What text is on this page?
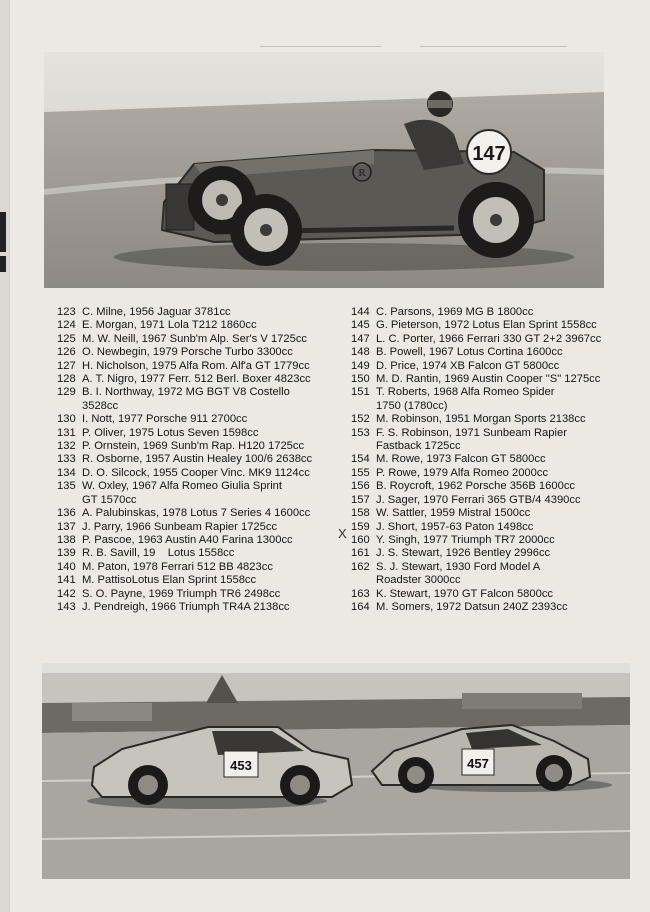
───────────────────	───────────────────────

147
R
123 C. Milne, 1956 Jaguar 3781cc
124 E. Morgan, 1971 Lola T212 1860cc
125 M. W. Neill, 1967 Sunb'm Alp. Ser's V 1725cc
126 O. Newbegin, 1979 Porsche Turbo 3300cc
127 H. Nicholson, 1975 Alfa Rom. Alf'a GT 1779cc
128 A. T. Nigro, 1977 Ferr. 512 Berl. Boxer 4823cc
129 B. I. Northway, 1972 MG BGT V8 Costello
3528cc
130 I. Nott, 1977 Porsche 911 2700cc
131 P. Oliver, 1975 Lotus Seven 1598cc
132 P. Ornstein, 1969 Sunb'm Rap. H120 1725cc
133 R. Osborne, 1957 Austin Healey 100/6 2638cc
134 D. O. Silcock, 1955 Cooper Vinc. MK9 1124cc
135 W. Oxley, 1967 Alfa Romeo Giulia Sprint
GT 1570cc
136 A. Palubinskas, 1978 Lotus 7 Series 4 1600cc
137 J. Parry, 1966 Sunbeam Rapier 1725cc
138 P. Pascoe, 1963 Austin A40 Farina 1300cc
139 R. B. Savill, 19    Lotus 1558cc
140 M. Paton, 1978 Ferrari 512 BB 4823cc
141 M. PattisoLotus Elan Sprint 1558cc
142 S. O. Payne, 1969 Triumph TR6 2498cc
143 J. Pendreigh, 1966 Triumph TR4A 2138cc
144 C. Parsons, 1969 MG B 1800cc
145 G. Pieterson, 1972 Lotus Elan Sprint 1558cc
147 L. C. Porter, 1966 Ferrari 330 GT 2+2 3967cc
148 B. Powell, 1967 Lotus Cortina 1600cc
149 D. Price, 1974 XB Falcon GT 5800cc
150 M. D. Rantin, 1969 Austin Cooper "S" 1275cc
151 T. Roberts, 1968 Alfa Romeo Spider
1750 (1780cc)
152 M. Robinson, 1951 Morgan Sports 2138cc
153 F. S. Robinson, 1971 Sunbeam Rapier
Fastback 1725cc
154 M. Rowe, 1973 Falcon GT 5800cc
155 P. Rowe, 1979 Alfa Romeo 2000cc
156 B. Roycroft, 1962 Porsche 356B 1600cc
157 J. Sager, 1970 Ferrari 365 GTB/4 4390cc
158 W. Sattler, 1959 Mistral 1500cc
159 J. Short, 1957-63 Paton 1498cc
160 Y. Singh, 1977 Triumph TR7 2000cc
161 J. S. Stewart, 1926 Bentley 2996cc
162 S. J. Stewart, 1930 Ford Model A
Roadster 3000cc
163 K. Stewart, 1970 GT Falcon 5800cc
164 M. Somers, 1972 Datsun 240Z 2393cc
X
453	457
